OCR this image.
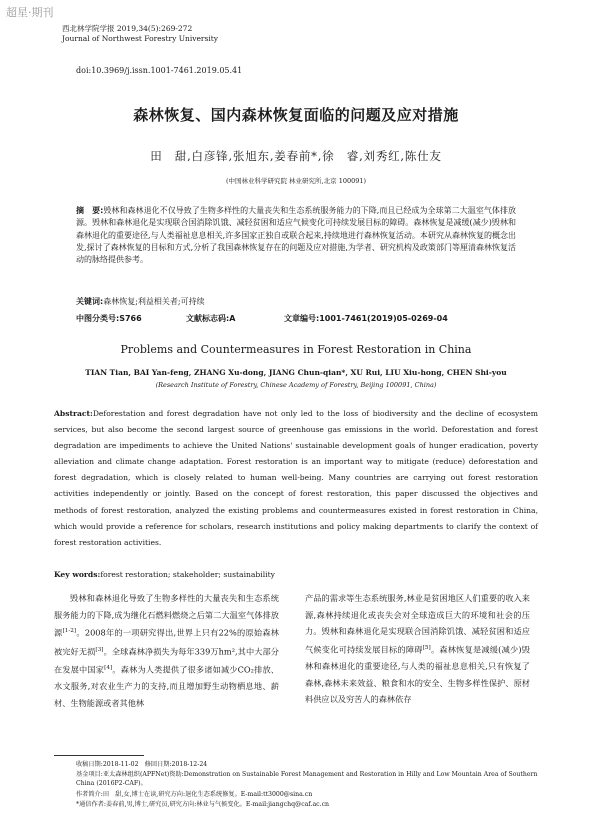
超星·期刊
西北林学院学报 2019,34(5):269-272
Journal of Northwest Forestry University
doi:10.3969/j.issn.1001-7461.2019.05.41
森林恢复、国内森林恢复面临的问题及应对措施
田　甜,白彦锋,张旭东,姜春前*,徐　睿,刘秀红,陈仕友
(中国林业科学研究院 林业研究所,北京 100091)
摘　要:毁林和森林退化不仅导致了生物多样性的大量丧失和生态系统服务能力的下降,而且已经成为全球第二大温室气体排放源。毁林和森林退化是实现联合国消除饥饿、减轻贫困和适应气候变化可持续发展目标的障碍。森林恢复是减缓(减少)毁林和森林退化的重要途径,与人类福祉息息相关,许多国家正独自或联合起来,持续地进行森林恢复活动。本研究从森林恢复的概念出发,探讨了森林恢复的目标和方式,分析了我国森林恢复存在的问题及应对措施,为学者、研究机构及政策部门等厘清森林恢复活动的脉络提供参考。
关键词:森林恢复;利益相关者;可持续
中图分类号:S766	文献标志码:A	文章编号:1001-7461(2019)05-0269-04
Problems and Countermeasures in Forest Restoration in China
TIAN Tian, BAI Yan-feng, ZHANG Xu-dong, JIANG Chun-qian*, XU Rui, LIU Xiu-hong, CHEN Shi-you
(Research Institute of Forestry, Chinese Academy of Forestry, Beijing 100091, China)
Abstract:Deforestation and forest degradation have not only led to the loss of biodiversity and the decline of ecosystem services, but also become the second largest source of greenhouse gas emissions in the world. Deforestation and forest degradation are impediments to achieve the United Nations' sustainable development goals of hunger eradication, poverty alleviation and climate change adaptation. Forest restoration is an important way to mitigate (reduce) deforestation and forest degradation, which is closely related to human well-being. Many countries are carrying out forest restoration activities independently or jointly. Based on the concept of forest restoration, this paper discussed the objectives and methods of forest restoration, analyzed the existing problems and countermeasures existed in forest restoration in China, which would provide a reference for scholars, research institutions and policy making departments to clarify the context of forest restoration activities.
Key words:forest restoration; stakeholder; sustainability
毁林和森林退化导致了生物多样性的大量丧失和生态系统服务能力的下降,成为继化石燃料燃烧之后第二大温室气体排放源[1-2]。2008年的一项研究得出,世界上只有22%的原始森林被完好无损[3]。全球森林净损失为每年339万hm²,其中大部分在发展中国家[4]。森林为人类提供了很多诸如减少CO₂排放、水文服务,对农业生产力的支持,而且增加野生动物栖息地、薪材、生物能源或者其他林
产品的需求等生态系统服务,林业是贫困地区人们重要的收入来源,森林持续退化或丧失会对全球造成巨大的环境和社会的压力。毁林和森林退化是实现联合国消除饥饿、减轻贫困和适应气候变化可持续发展目标的障碍[5]。森林恢复是减缓(减少)毁林和森林退化的重要途径,与人类的福祉息息相关,只有恢复了森林,森林未来效益、粮食和水的安全、生物多样性保护、原材料供应以及穷苦人的森林依存
收稿日期:2018-11-02　修回日期:2018-12-24
基金项目:亚太森林组织(APFNet)资助:Demonstration on Sustainable Forest Management and Restoration in Hilly and Low Mountain Area of Southern China (2016P2-CAF)。
作者简介:田　甜,女,博士在读,研究方向:退化生态系统修复。E-mail:tt3000@sina.cn
*通信作者:姜春前,男,博士,研究员,研究方向:林业与气候变化。E-mail:jiangchq@caf.ac.cn
